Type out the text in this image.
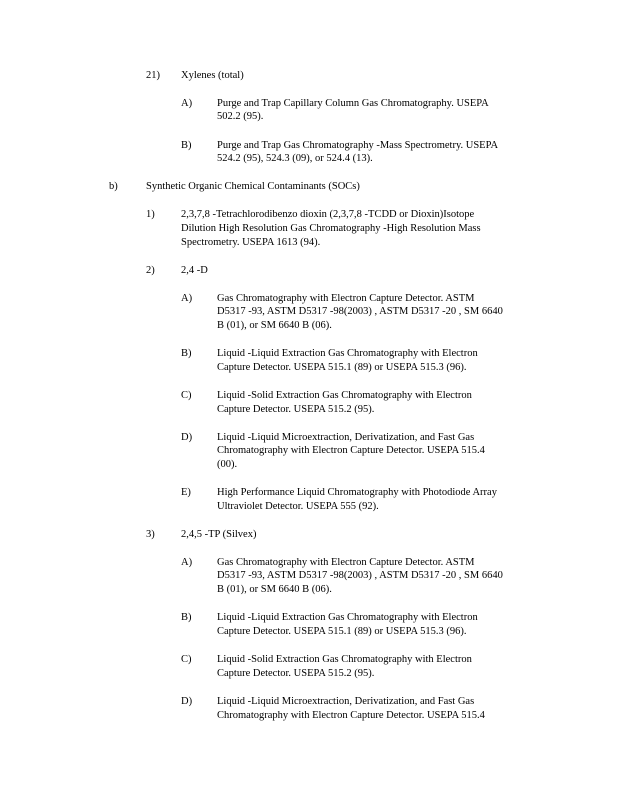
21) Xylenes (total)
A) Purge and Trap Capillary Column Gas Chromatography. USEPA
502.2 (95).
B) Purge and Trap Gas Chromatography -Mass Spectrometry. USEPA
524.2 (95), 524.3 (09), or 524.4 (13).
b)	Synthetic Organic Chemical Contaminants (SOCs)
1)	2,3,7,8 -Tetrachlorodibenzo dioxin (2,3,7,8 -TCDD or Dioxin)Isotope
Dilution High Resolution Gas Chromatography -High Resolution Mass
Spectrometry. USEPA 1613 (94).
2)	2,4 -D
A) Gas Chromatography with Electron Capture Detector. ASTM
D5317 -93, ASTM D5317 -98(2003) , ASTM D5317 -20 , SM 6640
B (01), or SM 6640 B (06).
B) Liquid -Liquid Extraction Gas Chromatography with Electron
Capture Detector. USEPA 515.1 (89) or USEPA 515.3 (96).
C) Liquid -Solid Extraction Gas Chromatography with Electron
Capture Detector. USEPA 515.2 (95).
D) Liquid -Liquid Microextraction, Derivatization, and Fast Gas
Chromatography with Electron Capture Detector. USEPA 515.4
(00).
E) High Performance Liquid Chromatography with Photodiode Array
Ultraviolet Detector. USEPA 555 (92).
3)	2,4,5 -TP (Silvex)
A) Gas Chromatography with Electron Capture Detector. ASTM
D5317 -93, ASTM D5317 -98(2003) , ASTM D5317 -20 , SM 6640
B (01), or SM 6640 B (06).
B) Liquid -Liquid Extraction Gas Chromatography with Electron
Capture Detector. USEPA 515.1 (89) or USEPA 515.3 (96).
C) Liquid -Solid Extraction Gas Chromatography with Electron
Capture Detector. USEPA 515.2 (95).
D) Liquid -Liquid Microextraction, Derivatization, and Fast Gas
Chromatography with Electron Capture Detector. USEPA 515.4
